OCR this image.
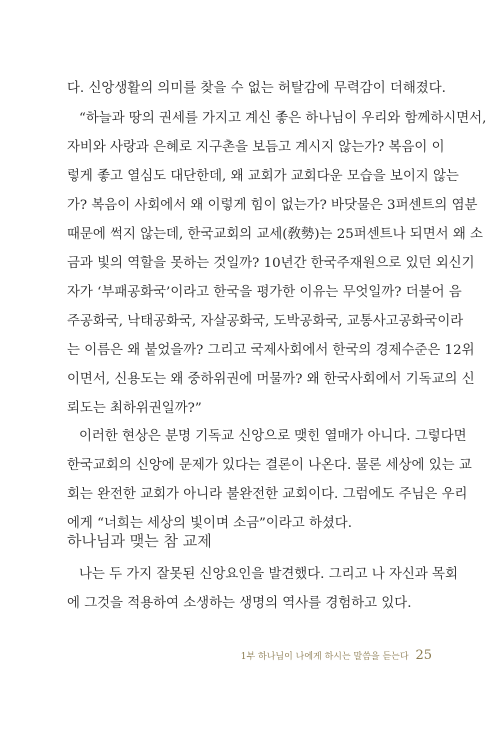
다. 신앙생활의 의미를 찾을 수 없는 허탈감에 무력감이 더해졌다.
“하늘과 땅의 권세를 가지고 계신 좋은 하나님이 우리와 함께하시면서,
자비와 사랑과 은혜로 지구촌을 보듬고 계시지 않는가? 복음이 이
렇게 좋고 열심도 대단한데, 왜 교회가 교회다운 모습을 보이지 않는
가? 복음이 사회에서 왜 이렇게 힘이 없는가? 바닷물은 3퍼센트의 염분
때문에 썩지 않는데, 한국교회의 교세(敎勢)는 25퍼센트나 되면서 왜 소
금과 빛의 역할을 못하는 것일까? 10년간 한국주재원으로 있던 외신기
자가 ‘부패공화국’이라고 한국을 평가한 이유는 무엇일까? 더불어 음
주공화국, 낙태공화국, 자살공화국, 도박공화국, 교통사고공화국이라
는 이름은 왜 붙었을까? 그리고 국제사회에서 한국의 경제수준은 12위
이면서, 신용도는 왜 중하위권에 머물까? 왜 한국사회에서 기독교의 신
뢰도는 최하위권일까?”
이러한 현상은 분명 기독교 신앙으로 맺힌 열매가 아니다. 그렇다면
한국교회의 신앙에 문제가 있다는 결론이 나온다. 물론 세상에 있는 교
회는 완전한 교회가 아니라 불완전한 교회이다. 그럼에도 주님은 우리
에게 “너희는 세상의 빛이며 소금”이라고 하셨다.
하나님과 맺는 참 교제
나는 두 가지 잘못된 신앙요인을 발견했다. 그리고 나 자신과 목회
에 그것을 적용하여 소생하는 생명의 역사를 경험하고 있다.
1부 하나님이 나에게 하시는 말씀을 듣는다 25
